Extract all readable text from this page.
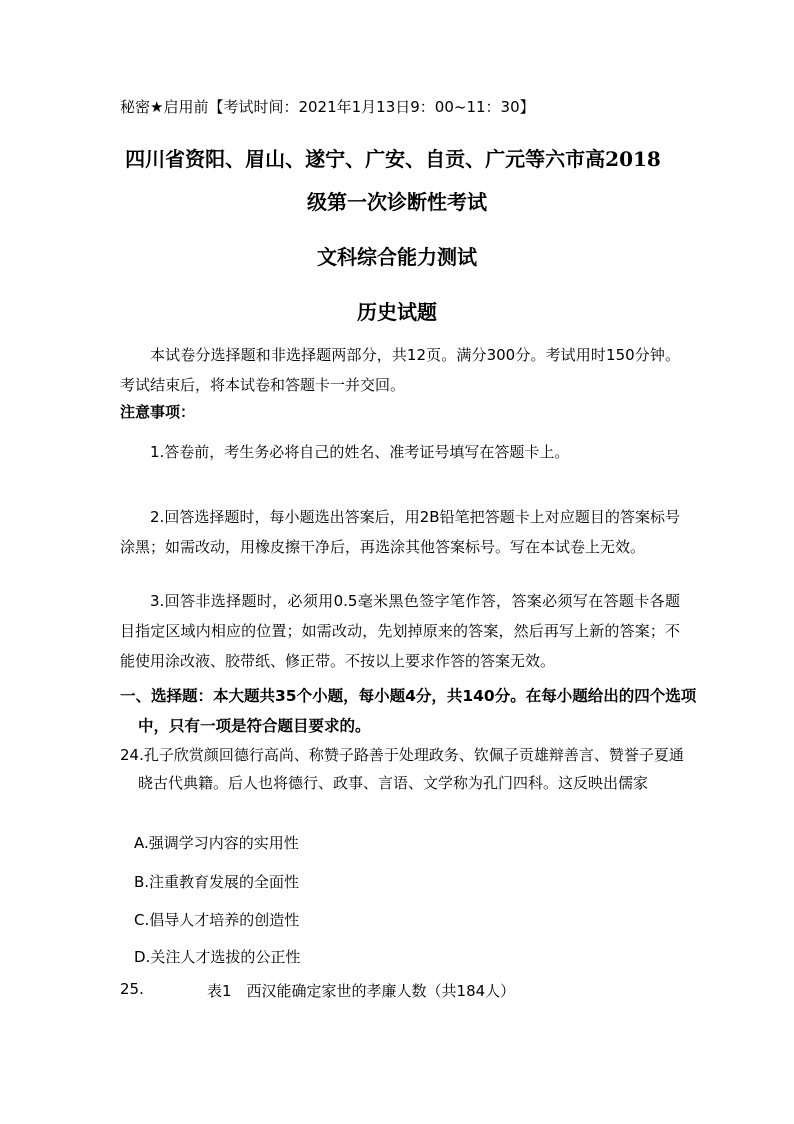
秘密★启用前【考试时间：2021年1月13日9：00~11：30】
四川省资阳、眉山、遂宁、广安、自贡、广元等六市高2018
级第一次诊断性考试
文科综合能力测试
历史试题
本试卷分选择题和非选择题两部分，共12页。满分300分。考试用时150分钟。考试结束后，将本试卷和答题卡一并交回。
注意事项：
1.答卷前，考生务必将自己的姓名、准考证号填写在答题卡上。
2.回答选择题时，每小题选出答案后，用2B铅笔把答题卡上对应题目的答案标号涂黑；如需改动，用橡皮擦干净后，再选涂其他答案标号。写在本试卷上无效。
3.回答非选择题时，必须用0.5毫米黑色签字笔作答，答案必须写在答题卡各题目指定区域内相应的位置；如需改动，先划掉原来的答案，然后再写上新的答案；不能使用涂改液、胶带纸、修正带。不按以上要求作答的答案无效。
一、选择题：本大题共35个小题，每小题4分，共140分。在每小题给出的四个选项中，只有一项是符合题目要求的。
24.孔子欣赏颜回德行高尚、称赞子路善于处理政务、钦佩子贡雄辩善言、赞誉子夏通晓古代典籍。后人也将德行、政事、言语、文学称为孔门四科。这反映出儒家
A.强调学习内容的实用性
B.注重教育发展的全面性
C.倡导人才培养的创造性
D.关注人才选拔的公正性
25.	表1　西汉能确定家世的孝廉人数（共184人）
